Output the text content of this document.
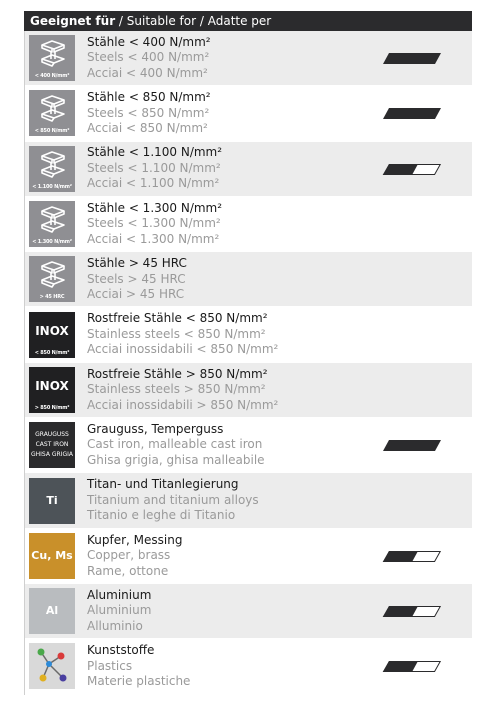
Geeignet für / Suitable for / Adatte per
< 400 N/mm²
Stähle < 400 N/mm²
Steels < 400 N/mm²
Acciai < 400 N/mm²
< 850 N/mm²
Stähle < 850 N/mm²
Steels < 850 N/mm²
Acciai < 850 N/mm²
< 1.100 N/mm²
Stähle < 1.100 N/mm²
Steels < 1.100 N/mm²
Acciai < 1.100 N/mm²
< 1.300 N/mm²
Stähle < 1.300 N/mm²
Steels < 1.300 N/mm²
Acciai < 1.300 N/mm²
> 45 HRC
Stähle > 45 HRC
Steels > 45 HRC
Acciai > 45 HRC
INOX
< 850 N/mm²
Rostfreie Stähle < 850 N/mm²
Stainless steels < 850 N/mm²
Acciai inossidabili < 850 N/mm²
INOX
> 850 N/mm²
Rostfreie Stähle > 850 N/mm²
Stainless steels > 850 N/mm²
Acciai inossidabili > 850 N/mm²
GRAUGUSS
CAST IRON
GHISA GRIGIA
Grauguss, Temperguss
Cast iron, malleable cast iron
Ghisa grigia, ghisa malleabile
Ti
Titan- und Titanlegierung
Titanium and titanium alloys
Titanio e leghe di Titanio
Cu, Ms
Kupfer, Messing
Copper, brass
Rame, ottone
Al
Aluminium
Aluminium
Alluminio
Kunststoffe
Plastics
Materie plastiche
